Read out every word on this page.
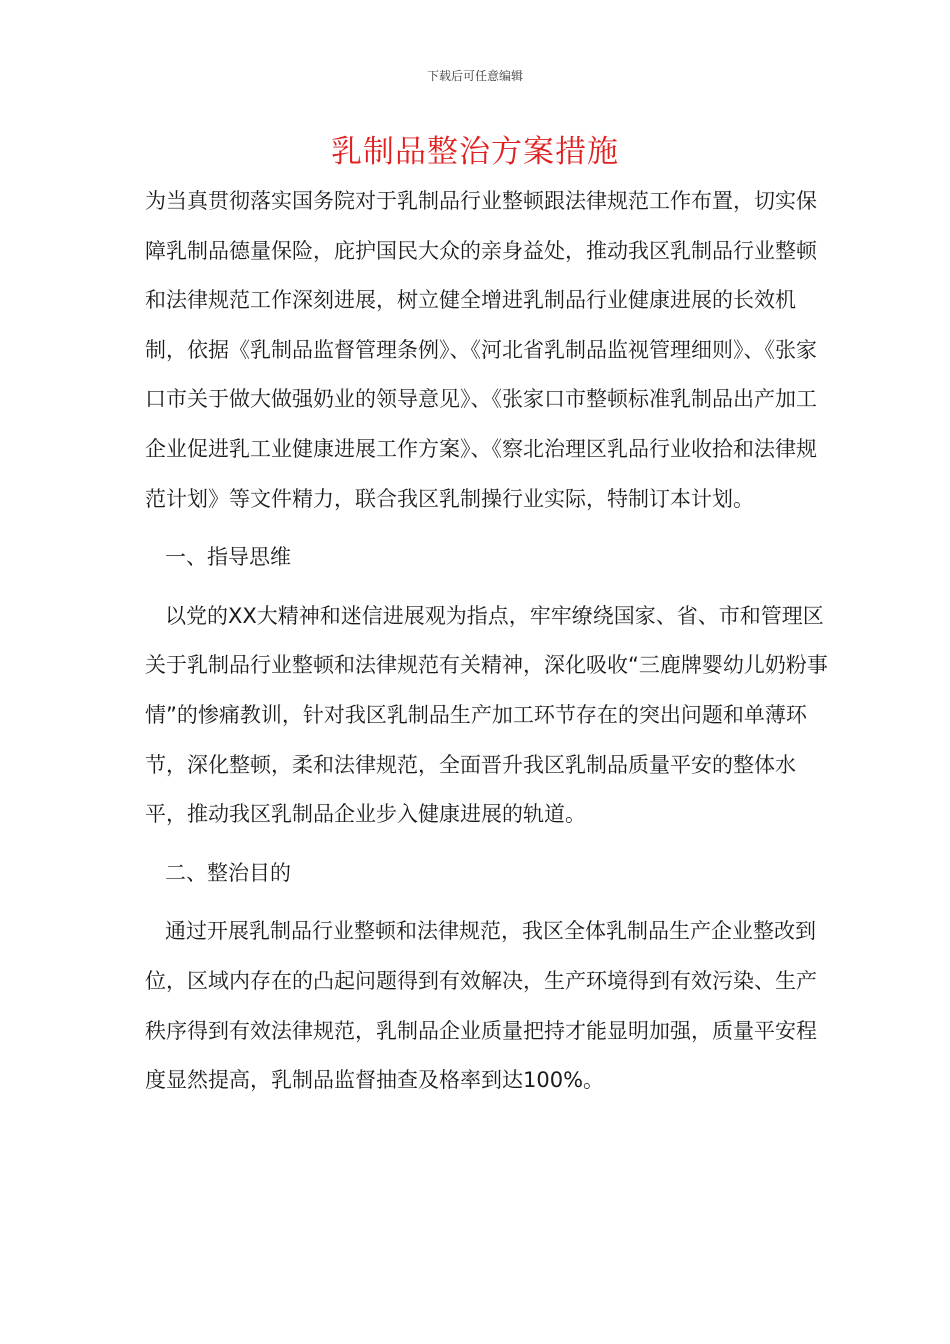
下载后可任意编辑
乳制品整治方案措施

为当真贯彻落实国务院对于乳制品行业整顿跟法律规范工作布置，切实保障乳制品德量保险，庇护国民大众的亲身益处，推动我区乳制品行业整顿和法律规范工作深刻进展，树立健全增进乳制品行业健康进展的长效机制，依据《乳制品监督管理条例》、《河北省乳制品监视管理细则》、《张家口市关于做大做强奶业的领导意见》、《张家口市整顿标准乳制品出产加工企业促进乳工业健康进展工作方案》、《察北治理区乳品行业收拾和法律规范计划》等文件精力，联合我区乳制操行业实际，特制订本计划。

一、指导思维

以党的XX大精神和迷信进展观为指点，牢牢缭绕国家、省、市和管理区关于乳制品行业整顿和法律规范有关精神，深化吸收“三鹿牌婴幼儿奶粉事情”的惨痛教训，针对我区乳制品生产加工环节存在的突出问题和单薄环节，深化整顿，柔和法律规范，全面晋升我区乳制品质量平安的整体水平，推动我区乳制品企业步入健康进展的轨道。

二、整治目的

通过开展乳制品行业整顿和法律规范，我区全体乳制品生产企业整改到位，区域内存在的凸起问题得到有效解决，生产环境得到有效污染、生产秩序得到有效法律规范，乳制品企业质量把持才能显明加强，质量平安程度显然提高，乳制品监督抽查及格率到达100%。
